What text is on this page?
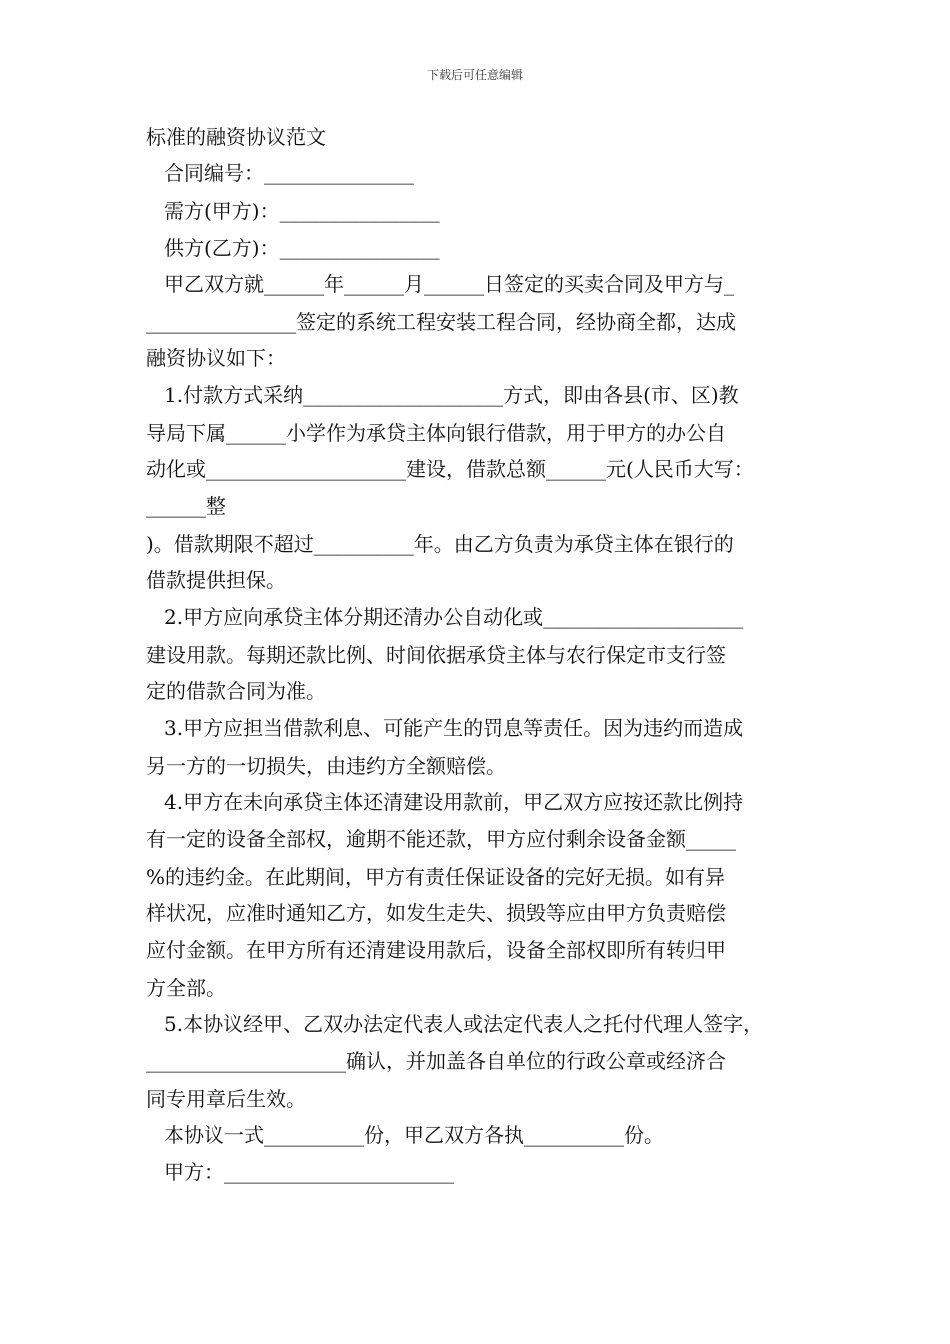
下载后可任意编辑
标准的融资协议范文
合同编号：_______________
需方(甲方)：________________
供方(乙方)：________________
甲乙双方就______年______月______日签定的买卖合同及甲方与_
_______________签定的系统工程安装工程合同，经协商全都，达成
融资协议如下：
1.付款方式采纳____________________方式，即由各县(市、区)教
导局下属______小学作为承贷主体向银行借款，用于甲方的办公自
动化或____________________建设，借款总额______元(人民币大写：
______整
)。借款期限不超过__________年。由乙方负责为承贷主体在银行的
借款提供担保。
2.甲方应向承贷主体分期还清办公自动化或____________________
建设用款。每期还款比例、时间依据承贷主体与农行保定市支行签
定的借款合同为准。
3.甲方应担当借款利息、可能产生的罚息等责任。因为违约而造成
另一方的一切损失，由违约方全额赔偿。
4.甲方在未向承贷主体还清建设用款前，甲乙双方应按还款比例持
有一定的设备全部权，逾期不能还款，甲方应付剩余设备金额_____
%的违约金。在此期间，甲方有责任保证设备的完好无损。如有异
样状况，应准时通知乙方，如发生走失、损毁等应由甲方负责赔偿
应付金额。在甲方所有还清建设用款后，设备全部权即所有转归甲
方全部。
5.本协议经甲、乙双办法定代表人或法定代表人之托付代理人签字，
____________________确认，并加盖各自单位的行政公章或经济合
同专用章后生效。
本协议一式__________份，甲乙双方各执__________份。
甲方：_______________________
